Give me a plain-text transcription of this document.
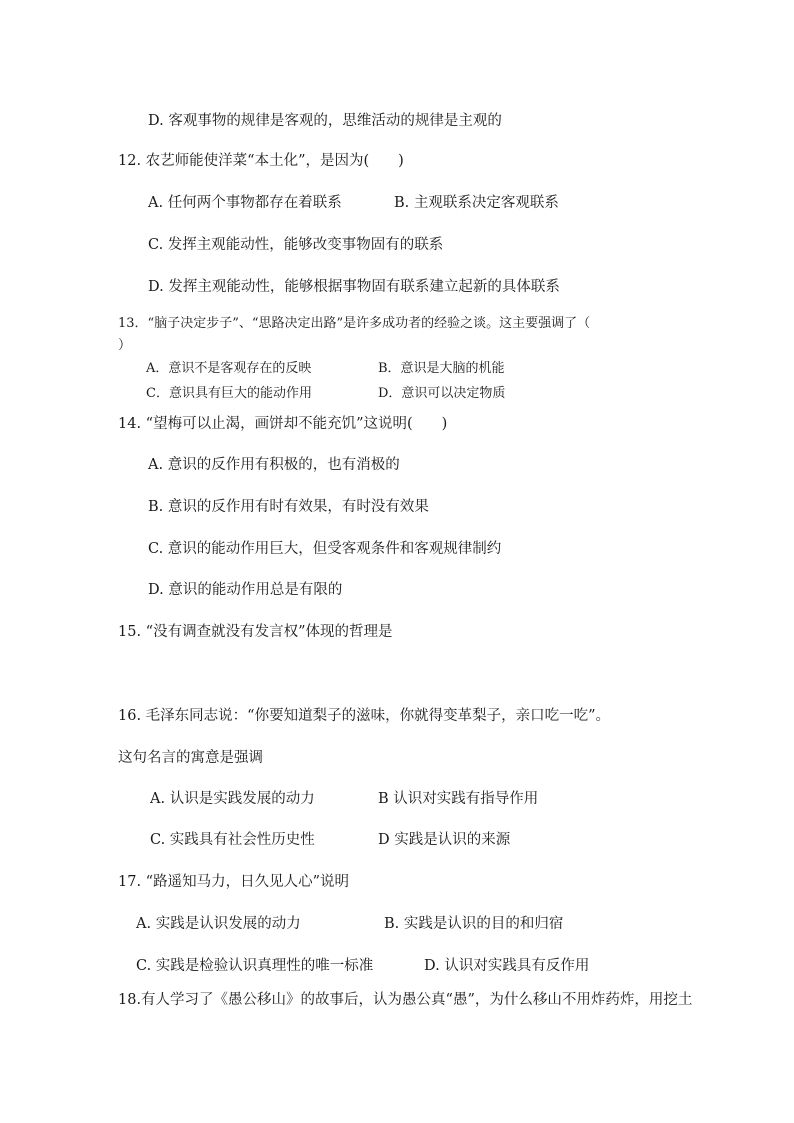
D. 客观事物的规律是客观的，思维活动的规律是主观的
12. 农艺师能使洋菜“本土化”，是因为(　　)
A. 任何两个事物都存在着联系	B. 主观联系决定客观联系
C. 发挥主观能动性，能够改变事物固有的联系
D. 发挥主观能动性，能够根据事物固有联系建立起新的具体联系
13．“脑子决定步子”、“思路决定出路”是许多成功者的经验之谈。这主要强调了（
）
A．意识不是客观存在的反映	B．意识是大脑的机能
C．意识具有巨大的能动作用	D．意识可以决定物质
14. “望梅可以止渴，画饼却不能充饥”这说明(　　)
A. 意识的反作用有积极的，也有消极的
B. 意识的反作用有时有效果，有时没有效果
C. 意识的能动作用巨大，但受客观条件和客观规律制约
D. 意识的能动作用总是有限的
15. “没有调查就没有发言权”体现的哲理是
16. 毛泽东同志说：“你要知道梨子的滋味，你就得变革梨子，亲口吃一吃”。
这句名言的寓意是强调
A. 认识是实践发展的动力	B 认识对实践有指导作用
C. 实践具有社会性历史性	D 实践是认识的来源
17. “路遥知马力，日久见人心”说明
A. 实践是认识发展的动力	B. 实践是认识的目的和归宿
C. 实践是检验认识真理性的唯一标准	D. 认识对实践具有反作用
18.有人学习了《愚公移山》的故事后，认为愚公真“愚”，为什么移山不用炸药炸，用挖土
